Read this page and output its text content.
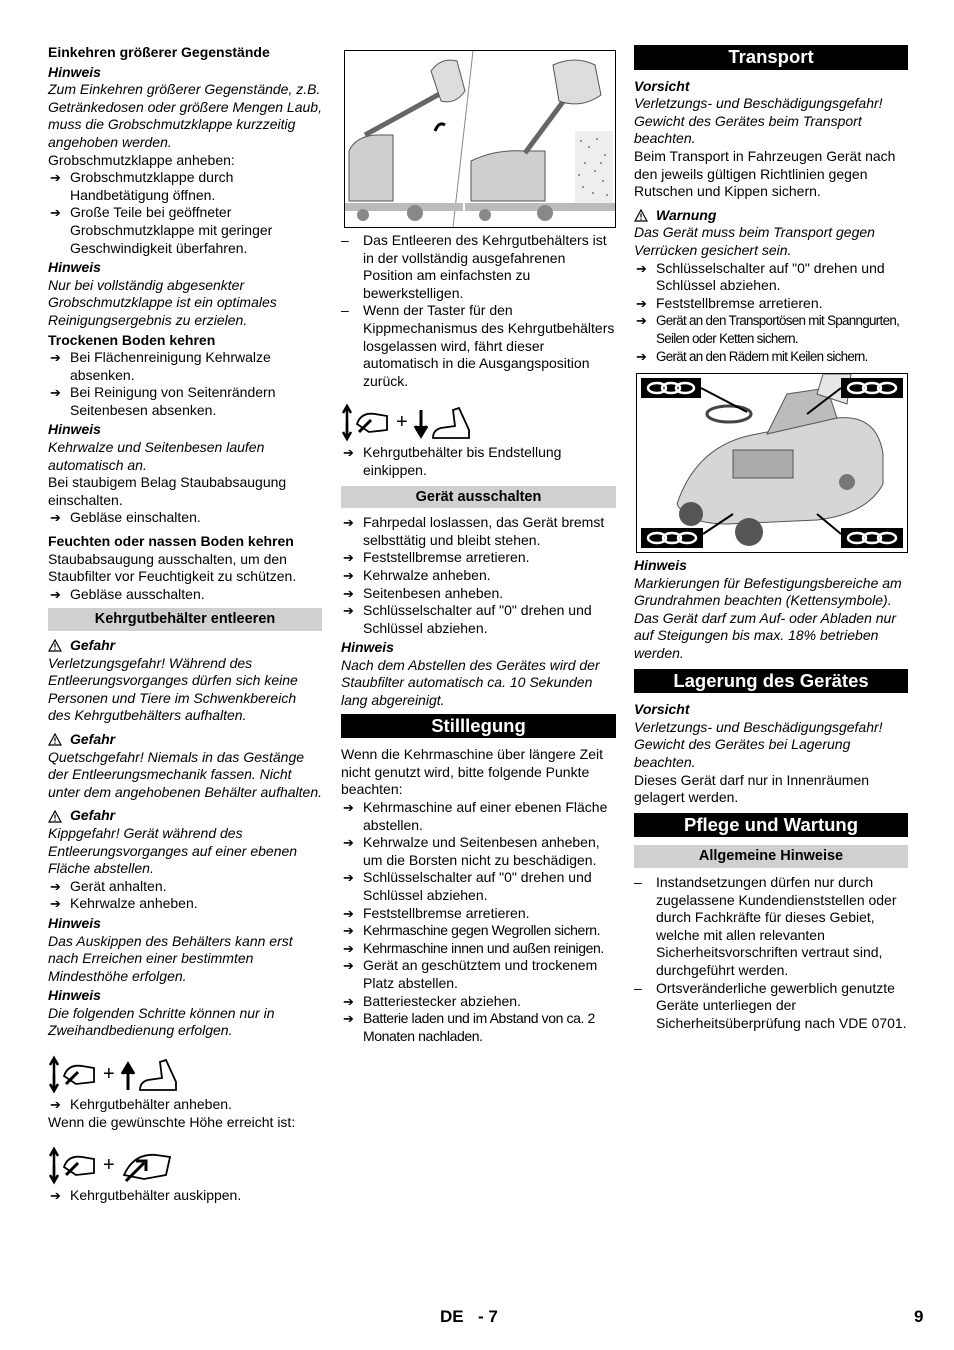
Einkehren größerer Gegenstände
Hinweis
Zum Einkehren größerer Gegenstände, z.B. Getränkedosen oder größere Mengen Laub, muss die Grobschmutzklappe kurzzeitig angehoben werden.
Grobschmutzklappe anheben:
➔ Grobschmutzklappe durch Handbetätigung öffnen.
➔ Große Teile bei geöffneter Grobschmutzklappe mit geringer Geschwindigkeit überfahren.
Hinweis
Nur bei vollständig abgesenkter Grobschmutzklappe ist ein optimales Reinigungsergebnis zu erzielen.
Trockenen Boden kehren
➔ Bei Flächenreinigung Kehrwalze absenken.
➔ Bei Reinigung von Seitenrändern Seitenbesen absenken.
Hinweis
Kehrwalze und Seitenbesen laufen automatisch an.
Bei staubigem Belag Staubabsaugung einschalten.
➔ Gebläse einschalten.
Feuchten oder nassen Boden kehren
Staubabsaugung ausschalten, um den Staubfilter vor Feuchtigkeit zu schützen.
➔ Gebläse ausschalten.
Kehrgutbehälter entleeren
Gefahr
Verletzungsgefahr! Während des Entleerungsvorganges dürfen sich keine Personen und Tiere im Schwenkbereich des Kehrgutbehälters aufhalten.
Gefahr
Quetschgefahr! Niemals in das Gestänge der Entleerungsmechanik fassen. Nicht unter dem angehobenen Behälter aufhalten.
Gefahr
Kippgefahr! Gerät während des Entleerungsvorganges auf einer ebenen Fläche abstellen.
➔ Gerät anhalten.
➔ Kehrwalze anheben.
Hinweis
Das Auskippen des Behälters kann erst nach Erreichen einer bestimmten Mindesthöhe erfolgen.
Hinweis
Die folgenden Schritte können nur in Zweihandbedienung erfolgen.
+
➔ Kehrgutbehälter anheben.
Wenn die gewünschte Höhe erreicht ist:
+
➔ Kehrgutbehälter auskippen.
– Das Entleeren des Kehrgutbehälters ist in der vollständig ausgefahrenen Position am einfachsten zu bewerkstelligen.
– Wenn der Taster für den Kippmechanismus des Kehrgutbehälters losgelassen wird, fährt dieser automatisch in die Ausgangsposition zurück.
+
➔ Kehrgutbehälter bis Endstellung einkippen.
Gerät ausschalten
➔ Fahrpedal loslassen, das Gerät bremst selbsttätig und bleibt stehen.
➔ Feststellbremse arretieren.
➔ Kehrwalze anheben.
➔ Seitenbesen anheben.
➔ Schlüsselschalter auf "0" drehen und Schlüssel abziehen.
Hinweis
Nach dem Abstellen des Gerätes wird der Staubfilter automatisch ca. 10 Sekunden lang abgereinigt.
Stilllegung
Wenn die Kehrmaschine über längere Zeit nicht genutzt wird, bitte folgende Punkte beachten:
➔ Kehrmaschine auf einer ebenen Fläche abstellen.
➔ Kehrwalze und Seitenbesen anheben, um die Borsten nicht zu beschädigen.
➔ Schlüsselschalter auf "0" drehen und Schlüssel abziehen.
➔ Feststellbremse arretieren.
➔ Kehrmaschine gegen Wegrollen sichern.
➔ Kehrmaschine innen und außen reinigen.
➔ Gerät an geschütztem und trockenem Platz abstellen.
➔ Batteriestecker abziehen.
➔ Batterie laden und im Abstand von ca. 2 Monaten nachladen.
Transport
Vorsicht
Verletzungs- und Beschädigungsgefahr! Gewicht des Gerätes beim Transport beachten.
Beim Transport in Fahrzeugen Gerät nach den jeweils gültigen Richtlinien gegen Rutschen und Kippen sichern.
Warnung
Das Gerät muss beim Transport gegen Verrücken gesichert sein.
➔ Schlüsselschalter auf "0" drehen und Schlüssel abziehen.
➔ Feststellbremse arretieren.
➔ Gerät an den Transportösen mit Spanngurten, Seilen oder Ketten sichern.
➔ Gerät an den Rädern mit Keilen sichern.
Hinweis
Markierungen für Befestigungsbereiche am Grundrahmen beachten (Kettensymbole). Das Gerät darf zum Auf- oder Abladen nur auf Steigungen bis max. 18% betrieben werden.
Lagerung des Gerätes
Vorsicht
Verletzungs- und Beschädigungsgefahr! Gewicht des Gerätes bei Lagerung beachten.
Dieses Gerät darf nur in Innenräumen gelagert werden.
Pflege und Wartung
Allgemeine Hinweise
– Instandsetzungen dürfen nur durch zugelassene Kundendienststellen oder durch Fachkräfte für dieses Gebiet, welche mit allen relevanten Sicherheitsvorschriften vertraut sind, durchgeführt werden.
– Ortsveränderliche gewerblich genutzte Geräte unterliegen der Sicherheitsüberprüfung nach VDE 0701.
DE - 7	9
